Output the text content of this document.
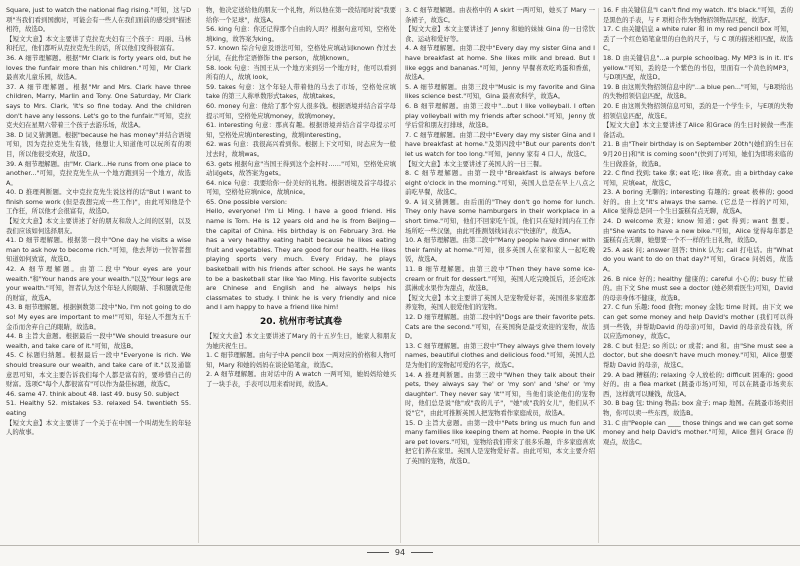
Square, just to watch the national flag rising."可知，这与D项"当我们看到国旗时，可能会有一些人在我们面前的感受到"描述相符，故选D。

【短文大意】本文主要讲了克拉克夫妇有三个孩子：玛丽、马林和托尼，他们都听从克拉克先生的话，所以他们变得很富有。

36. A 细节理解题。根据"Mr Clark is forty years old, but he loves the funfair more than his children."可知，Mr Clark 最喜欢儿童乐园，故选A。

37. A 细节理解题。根据"Mr and Mrs. Clark have three children, Marry, Marlin and Tony. One Saturday, Mr Clark says to Mrs. Clark, 'It's so fine today. And the children don't have any lessons. Let's go to the funfair.'"可知，克拉克夫妇在星期六带着三个孩子去游乐场，故选A。

38. D 词义猜测题。根据"because he has money"并结合语境可知，因为克拉克先生有钱，他想让人知道他可以玩所有的项目，所以他很受欢迎，故选D。

39. A 细节理解题。由"Mr. Clark...He runs from one place to another..."可知，克拉克先生从一个地方跑到另一个地方，故选A。

40. D 推理判断题。文中克拉克先生说这样的话"But I want to finish some work (但是我想完成一些工作)"，由此可知他是个工作狂，所以他才会很富有，故选D。

【短文大意】本文主要讲述了好的朋友和敌人之间的区别，以及我们应该如何选择朋友。

41. D 细节理解题。根据第一段中"One day he visits a wise man to ask how to become rich."可知，他去拜访一位智者想知道如何致富，故选D。

42. A 细节理解题。由第二段中"Your eyes are your wealth."和"Your hands are your wealth."以及"Your legs are your wealth."可知，智者认为这个年轻人的眼睛、手和腿就是他的财富，故选A。

43. B 细节理解题。根据倒数第二段中"No, I'm not going to do so! My eyes are important to me!"可知，年轻人不想为五千金币而舍弃自己的眼睛，故选B。

44. B 主旨大意题。根据最后一段中"We should treasure our wealth, and take care of it."可知，故选B。

45. C 标题归纳题。根据最后一段中"Everyone is rich. We should treasure our wealth, and take care of it."以及通篇意思可知，本文主要告诉我们每个人都是富有的，要珍惜自己的财富。选项C"每个人都很富有"可以作为最佳标题，故选C。

46. same 47. think about 48. last 49. busy 50. subject

51. Healthy 52. mistakes 53. relaxed 54. twentieth 55. eating

【短文大意】本文主要讲了一个关于在中国一个叫胡先生的年轻人的故事。

物，他决定送给他的朋友一个礼物，所以他在第一段结尾时说"我要给你一个足球"，故选A。

56. king 句意：你还记得那个自由的人吗？根据句意可知，空格处填king，故答案为king。

57. known 综合句意及语法可知，空格处应填动词known 作过去分词，在此作定语修饰 the person，故填known。

58. look 句意：当国王从一个地方来到另一个地方时，他可以看到所有的人，故填 look。

59. takes 句意：这个年轻人带着他的马去了市场，空格处应填take 的第三人称单数形式takes，故填takes。

60. money 句意：他给了那个穷人很多钱。根据语境并结合首字母提示可知，空格处应填money，故填money。

61. interesting 句意：那真有趣。根据语境并结合首字母提示可知，空格处应填interesting，故填interesting。

62. was 句意：我很高兴看到你。根据上下文可知，时态应为一般过去时，故填was。

63. gets 根据句意"当国王得到这个金杯时……"可知，空格处应填动词gets，故答案为gets。

64. nice 句意：我要给你一份美好的礼物。根据语境及首字母提示可知，空格处应填nice，故填nice。

65. One possible version:

Hello, everyone! I'm Li Ming. I have a good friend. His name is Tom. He is 12 years old and he is from Beijing—the capital of China. His birthday is on February 3rd. He has a very healthy eating habit because he likes eating fruit and vegetables. They are good for our health. He likes playing sports very much. Every Friday, he plays basketball with his friends after school. He says he wants to be a basketball star like Yao Ming. His favorite subjects are Chinese and English and he always helps his classmates to study. I think he is very friendly and nice and I am happy to have a friend like him!

20. 杭州市考试真卷

【短文大意】本文主要讲述了Mary 的十五岁生日，她家人和朋友为她庆祝生日。

1. C 细节理解题。由句子中A pencil box 一两对应的价格和人物可知，Mary 和她的妈妈在谈论铅笔盒，故选C。

2. A 细节理解题。由对话中的 A watch 一两可知，她妈妈给她买了一块手表，手表可以用来看时间，故选A。

3. C 细节理解题。由表格中的 A skirt 一两可知，她买了 Mary 一条裙子，故选C。

【短文大意】本文主要讲述了 Jenny 和她的妹妹 Gina 的一日常饮食、运动和爱好等。

4. A 细节理解题。由第二段中"Every day my sister Gina and I have breakfast at home. She likes milk and bread. But I like eggs and bananas."可知，Jenny 早餐喜欢吃鸡蛋和香蕉，故选A。

5. A 细节理解题。由第三段中"Music is my favorite and Gina likes science best."可知，Gina 最喜欢科学，故选A。

6. B 细节理解题。由第三段中"...but I like volleyball. I often play volleyball with my friends after school."可知，Jenny 放学后常和朋友打排球，故选B。

7. C 细节理解题。由第二段中"Every day my sister Gina and I have breakfast at home."及第四段中"But our parents don't let us watch for too long."可知，Jenny 家有 4 口人，故选C。

【短文大意】本文主要讲述了英国人的一日三餐。

8. C 细节理解题。由第一段中"Breakfast is always before eight o'clock in the morning."可知，英国人总是在早上八点之前吃早餐，故选C。

9. A 词义猜测题。由后面的"They don't go home for lunch. They only have some hamburgers in their workplace in a short time."可知，他们不回家吃午饭，他们只在短时间内在工作场所吃一些汉堡，由此可推测划线词表示"快速的"，故选A。

10. A 细节理解题。由第二段中"Many people have dinner with their family at home."可知，很多英国人在家和家人一起吃晚饭，故选A。

11. B 细节理解题。由第三段中"Then they have some ice-cream or fruit for dessert."可知，英国人吃完晚饭后，还会吃冰淇淋或水果作为甜点，故选B。

【短文大意】本文主要讲了英国人是宠物爱好者，英国很多家庭都养宠物，英国人很爱他们的宠物。

12. D 细节理解题。由第二段中的"Dogs are their favorite pets. Cats are the second."可知，在英国狗是最受欢迎的宠物，故选D。

13. C 细节理解题。由第三段中"They always give them lovely names, beautiful clothes and delicious food."可知，英国人总是为他们的宠物起可爱的名字，故选C。

14. A 推理判断题。由第三段中"When they talk about their pets, they always say 'he' or 'my son' and 'she' or 'my daughter'. They never say 'it'"可知，当他们谈论他们的宠物时，他们总是说"他"或"我的儿子"，"她"或"我的女儿"，他们从不说"它"，由此可推断英国人把宠物看作家庭成员，故选A。

15. D 主旨大意题。由第一段中"Pets bring us much fun and many families like keeping them at home. People in the UK are pet lovers."可知，宠物给我们带来了很多乐趣，许多家庭喜欢把它们养在家里。英国人是宠物爱好者。由此可知，本文主要介绍了英国的宠物，故选D。

16. F 由关键信息"I can't find my watch. It's black."可知，丢的是黑色的手表，与 F 项相合作为物物招领物品匹配，故选F。

17. C 由关键信息 a white ruler 和 in my red pencil box 可知，丢了一个红色铅笔盒里的白色的尺子，与 C 项的描述相匹配，故选C。

18. D 由关键信息"...a purple schoolbag. My MP3 is in it. It's yellow."可知，丢的是一个紫色的书包，里面有一个黄色的MP3，与D项匹配，故选D。

19. B 由这则失物招领信息中的"...a blue pen..."可知，与B项给出的失物招领信息匹配，故选B。

20. E 由这则失物招领信息可知，丢的是一个学生卡，与E项的失物招领信息匹配，故选E。

【短文大意】本文主要讲述了Alice 和Grace 的生日时候做一些准备活动。

21. B 由"Their birthday is on September 20th"(她们的生日在9月20日)和"it is coming soon"(快到了)可知，她们为即将来临的生日做准备，故选B。

22. C find 找到; take 拿; eat 吃; like 喜欢。由 a birthday cake 可知，应填eat，故选C。

23. A boring 无聊的; interesting 有趣的; great 极棒的; good 好的。由上文"It's always the same. (它总是一样的)"可知，Alice 觉得总是同一个生日蛋糕有点无聊，故选A。

24. D welcome 欢迎; know 知道; get 得到; want 想要。由"She wants to have a new bike."可知，Alice 觉得每年都是蛋糕有点无聊，她想要一个不一样的生日礼物，故选D。

25. A ask 问; answer 回答; think 认为; call 打电话。由"What do you want to do on that day?"可知，Grace 问妈妈，故选A。

26. B nice 好的; healthy 健康的; careful 小心的; busy 忙碌的。由下文 She must see a doctor (她必须看医生)可知，David 的母亲身体不健康，故选B。

27. C fun 乐趣; food 食物; money 金钱; time 时间。由下文 we can get some money and help David's mother (我们可以得到一些钱，并帮助David 的母亲)可知，David 的母亲没有钱，所以应选money，故选C。

28. C but 但是; so 所以; or 或者; and 和。由"She must see a doctor, but she doesn't have much money."可知，Alice 想要帮助 David 的母亲，故选C。

29. A bad 糟糕的; relaxing 令人放松的; difficult 困难的; good 好的。由 a flea market (跳蚤市场)可知，可以在跳蚤市场卖东西，这样就可以赚钱，故选A。

30. B bag 包; thing 物品; box 盒子; map 地图。在跳蚤市场卖旧物，你可以卖一些东西，故选B。

31. C 由"People can ____ those things and we can get some money and help David's mother."可知，Alice 想问 Grace 的观点，故选C。

94
